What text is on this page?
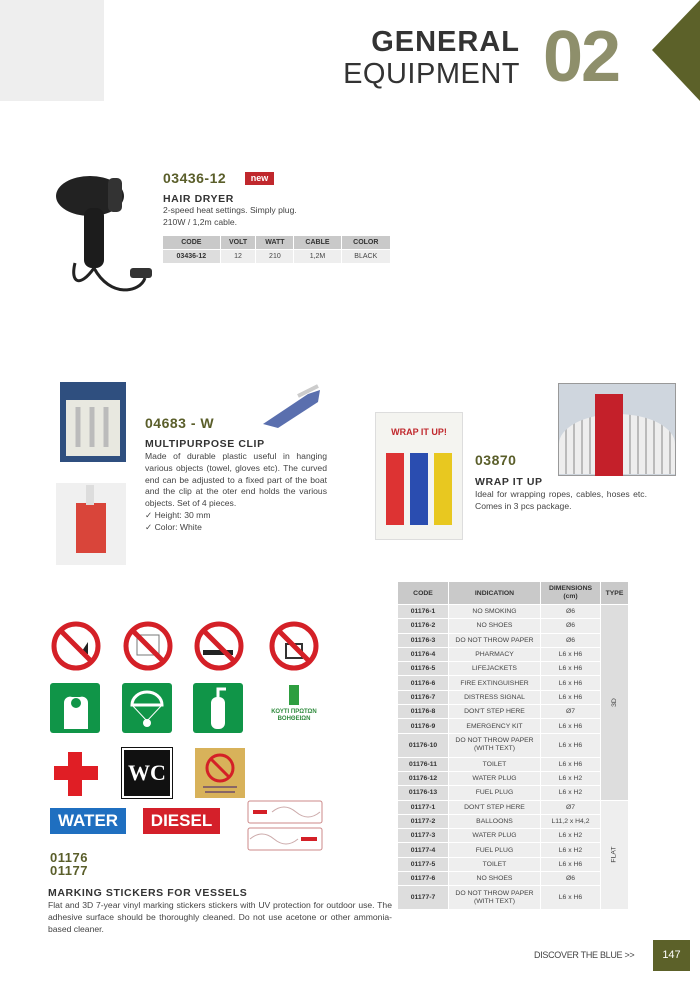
GENERAL
EQUIPMENT 02
03436-12	new
HAIR DRYER
2-speed heat settings. Simply plug.
210W / 1,2m cable.
CODE	VOLT	WATT	CABLE	COLOR
03436-12	12	210	1,2M	BLACK
04683 - W
MULTIPURPOSE CLIP
Made of durable plastic useful in hanging various objects (towel, gloves etc). The curved end can be adjusted to a fixed part of the boat and the clip at the oter end holds the various objects. Set of 4 pieces.
✓ Height: 30 mm
✓ Color: White
WRAP IT UP!
03870
WRAP IT UP
Ideal for wrapping ropes, cables, hoses etc. Comes in 3 pcs package.
ΚΟΥΤΙ ΠΡΩΤΩΝ ΒΟΗΘΕΙΩΝ
WC
WATER	DIESEL
01176
01177
MARKING STICKERS FOR VESSELS
Flat and 3D 7-year vinyl marking stickers stickers with UV protection for outdoor use. The adhesive surface should be thoroughly cleaned. Do not use acetone or other ammonia-based cleaner.
CODE	INDICATION	DIMENSIONS (cm)	TYPE
01176-1	NO SMOKING	Ø6	3D
01176-2	NO SHOES	Ø6	
01176-3	DO NOT THROW PAPER	Ø6	
01176-4	PHARMACY	L6 x H6	
01176-5	LIFEJACKETS	L6 x H6	
01176-6	FIRE EXTINGUISHER	L6 x H6	
01176-7	DISTRESS SIGNAL	L6 x H6	
01176-8	DON'T STEP HERE	Ø7	
01176-9	EMERGENCY KIT	L6 x H6	
01176-10	DO NOT THROW PAPER (WITH TEXT)	L6 x H6	
01176-11	TOILET	L6 x H6	
01176-12	WATER PLUG	L6 x H2	
01176-13	FUEL PLUG	L6 x H2	
01177-1	DON'T STEP HERE	Ø7	FLAT
01177-2	BALLOONS	L11,2 x H4,2	
01177-3	WATER PLUG	L6 x H2	
01177-4	FUEL PLUG	L6 x H2	
01177-5	TOILET	L6 x H6	
01177-6	NO SHOES	Ø6	
01177-7	DO NOT THROW PAPER (WITH TEXT)	L6 x H6	
DISCOVER THE BLUE >>	147
